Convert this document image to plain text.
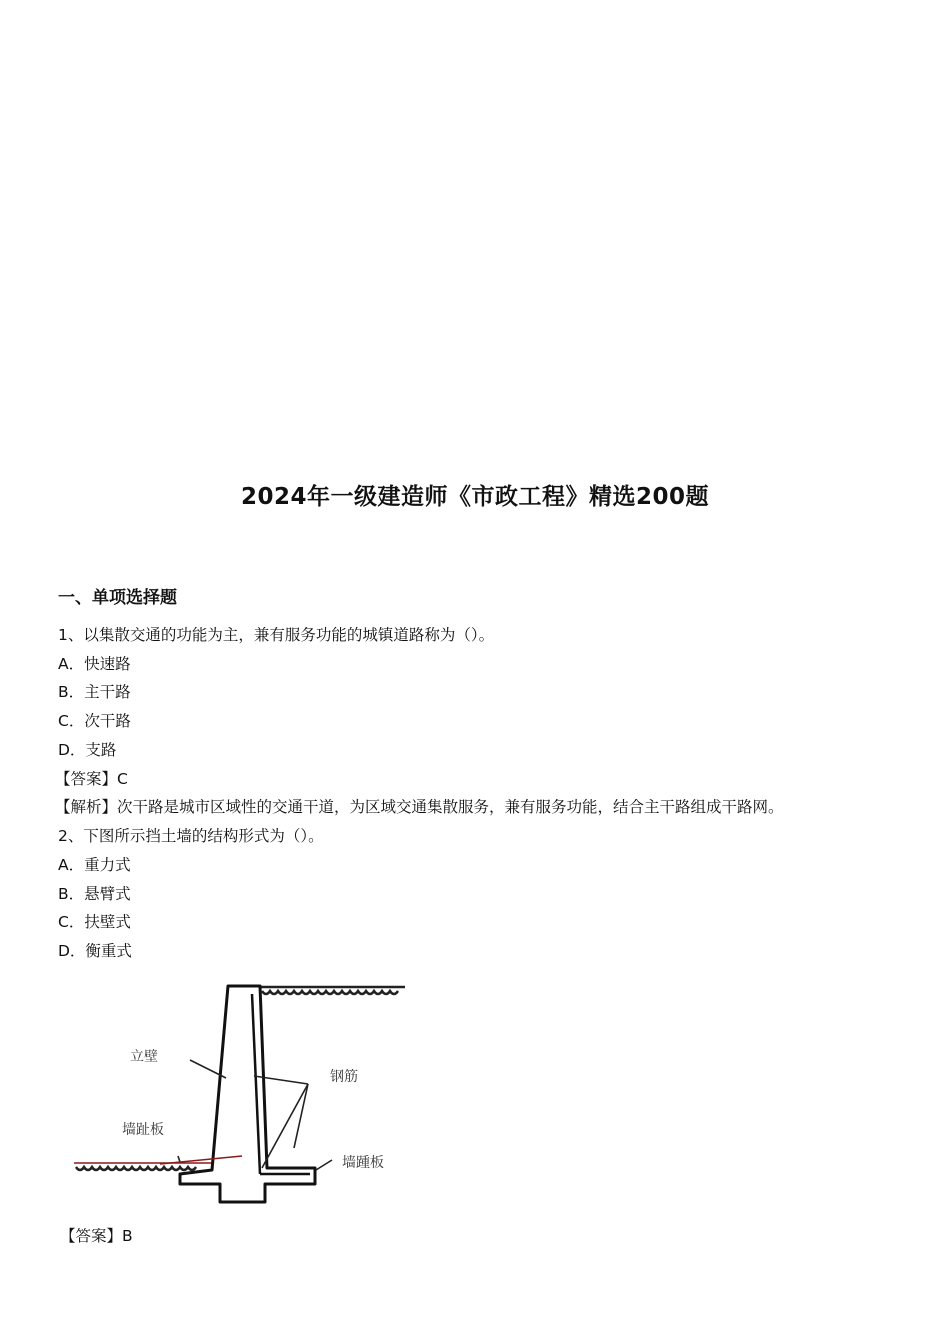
2024年一级建造师《市政工程》精选200题
一、单项选择题
1、以集散交通的功能为主，兼有服务功能的城镇道路称为（）。
A．快速路
B．主干路
C．次干路
D．支路
【答案】C
【解析】次干路是城市区域性的交通干道，为区域交通集散服务，兼有服务功能，结合主干路组成干路网。
2、下图所示挡土墙的结构形式为（）。
A．重力式
B．悬臂式
C．扶壁式
D．衡重式
立壁
钢筋
墙趾板
墙踵板
【答案】B
